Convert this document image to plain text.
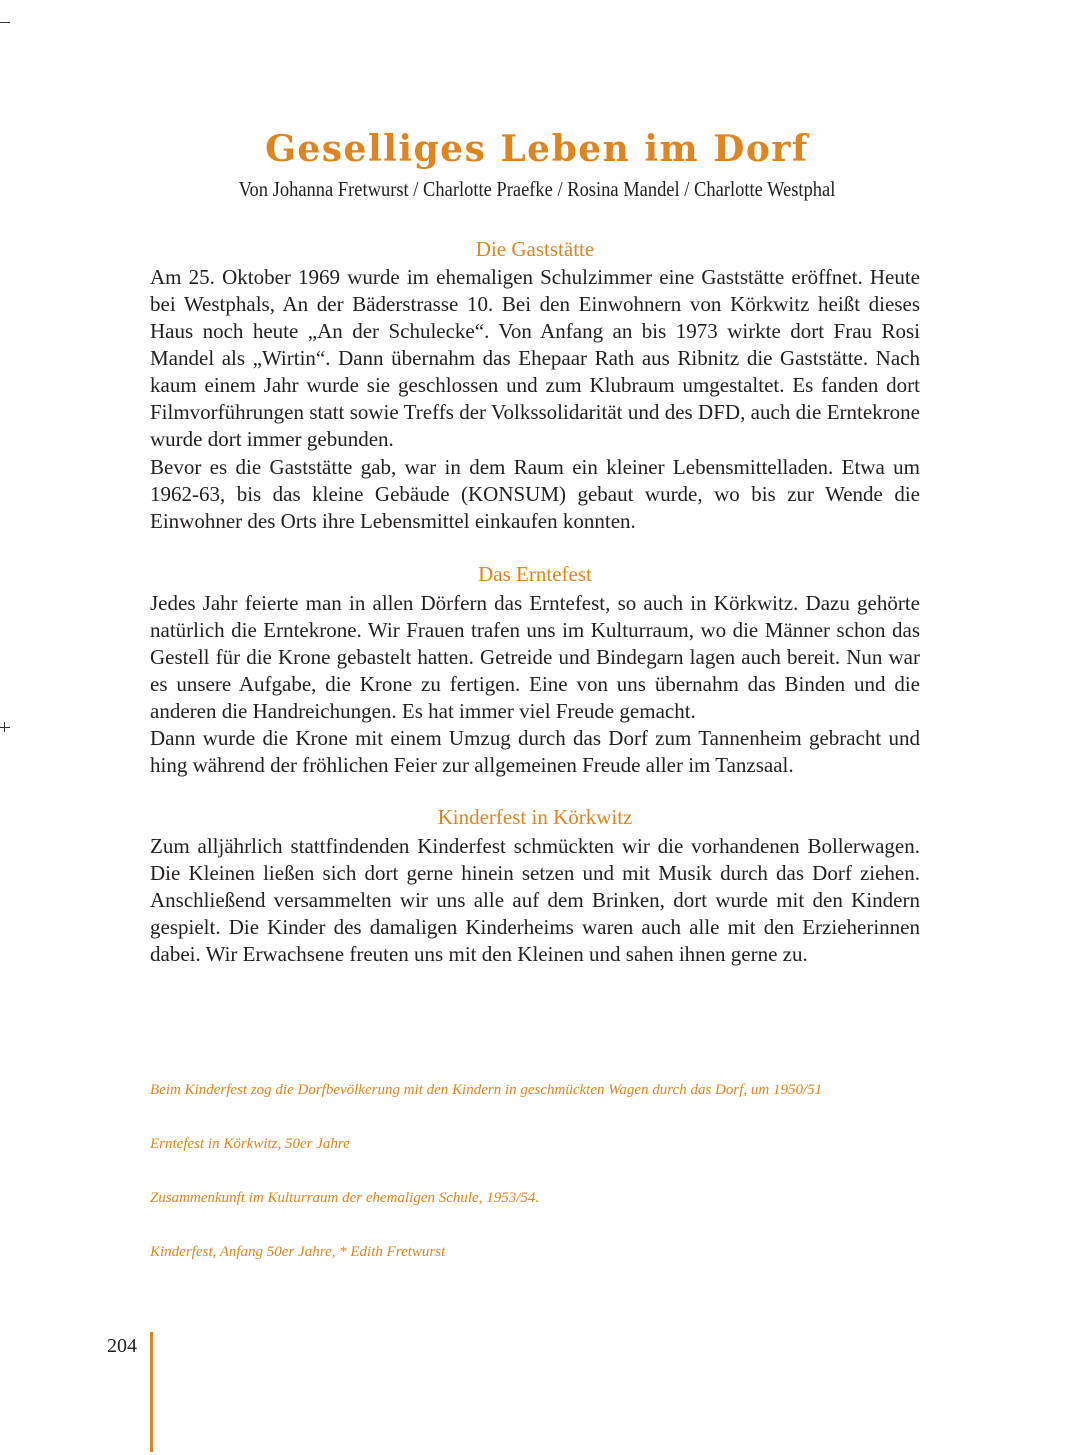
Geselliges Leben im Dorf
Von Johanna Fretwurst / Charlotte Praefke / Rosina Mandel / Charlotte Westphal
Die Gaststätte

Am 25. Oktober 1969 wurde im ehemaligen Schulzimmer eine Gaststätte eröffnet. Heute bei Westphals, An der Bäderstrasse 10. Bei den Einwohnern von Körkwitz heißt dieses Haus noch heute „An der Schulecke“. Von Anfang an bis 1973 wirkte dort Frau Rosi Mandel als „Wirtin“. Dann übernahm das Ehepaar Rath aus Ribnitz die Gaststätte. Nach kaum einem Jahr wurde sie geschlossen und zum Klubraum umgestaltet. Es fanden dort Filmvorführungen statt sowie Treffs der Volkssolidarität und des DFD, auch die Erntekrone wurde dort immer gebunden.

Bevor es die Gaststätte gab, war in dem Raum ein kleiner Lebensmittelladen. Etwa um 1962-63, bis das kleine Gebäude (KONSUM) gebaut wurde, wo bis zur Wende die Einwohner des Orts ihre Lebensmittel einkaufen konnten.

Das Erntefest

Jedes Jahr feierte man in allen Dörfern das Erntefest, so auch in Körkwitz. Dazu gehörte natürlich die Erntekrone. Wir Frauen trafen uns im Kulturraum, wo die Männer schon das Gestell für die Krone gebastelt hatten. Getreide und Bindegarn lagen auch bereit. Nun war es unsere Aufgabe, die Krone zu fertigen. Eine von uns übernahm das Binden und die anderen die Handreichungen. Es hat immer viel Freude gemacht.

Dann wurde die Krone mit einem Umzug durch das Dorf zum Tannenheim gebracht und hing während der fröhlichen Feier zur allgemeinen Freude aller im Tanzsaal.

Kinderfest in Körkwitz

Zum alljährlich stattfindenden Kinderfest schmückten wir die vorhandenen Bollerwagen. Die Kleinen ließen sich dort gerne hinein setzen und mit Musik durch das Dorf ziehen. Anschließend versammelten wir uns alle auf dem Brinken, dort wurde mit den Kindern gespielt. Die Kinder des damaligen Kinderheims waren auch alle mit den Erzieherinnen dabei. Wir Erwachsene freuten uns mit den Kleinen und sahen ihnen gerne zu.

Beim Kinderfest zog die Dorfbevölkerung mit den Kindern in geschmückten Wagen durch das Dorf, um 1950/51

Erntefest in Körkwitz, 50er Jahre

Zusammenkunft im Kulturraum der ehemaligen Schule, 1953/54.

Kinderfest, Anfang 50er Jahre, * Edith Fretwurst

204
